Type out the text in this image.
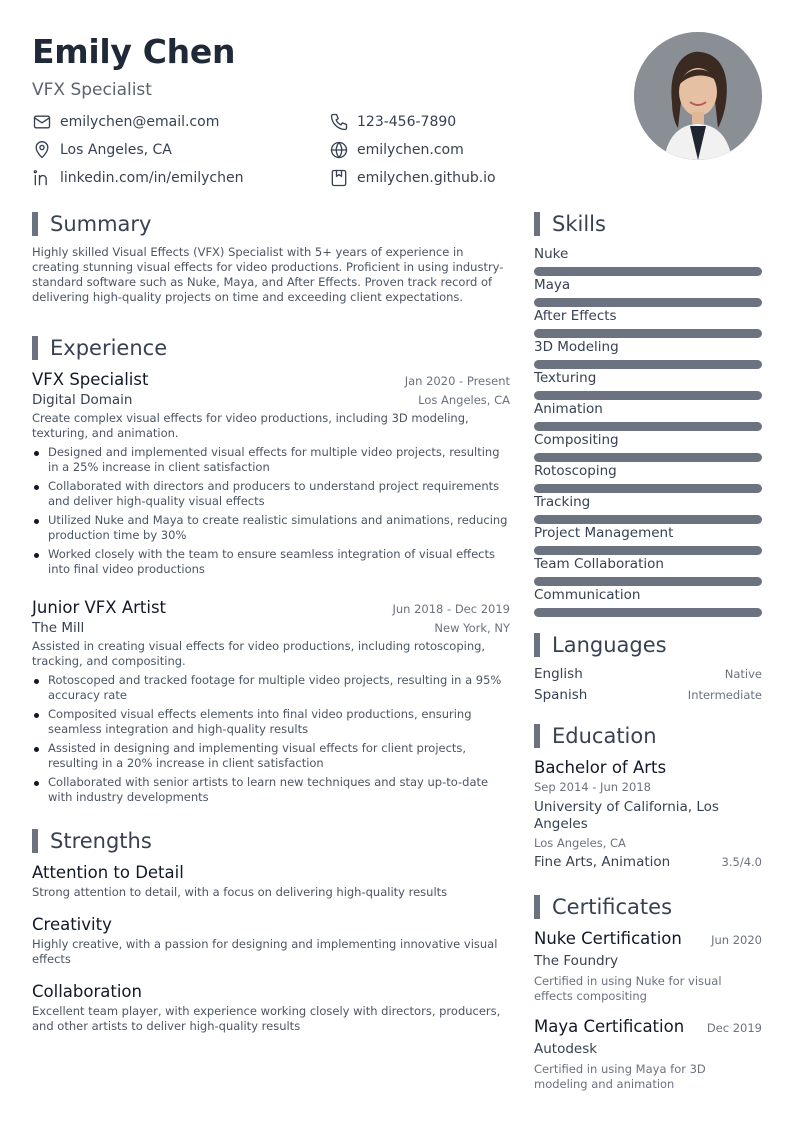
Emily Chen
VFX Specialist
emilychen@email.com	123-456-7890
Los Angeles, CA	emilychen.com
linkedin.com/in/emilychen	emilychen.github.io
Summary
Highly skilled Visual Effects (VFX) Specialist with 5+ years of experience in creating stunning visual effects for video productions. Proficient in using industry-standard software such as Nuke, Maya, and After Effects. Proven track record of delivering high-quality projects on time and exceeding client expectations.
Experience
VFX Specialist	Jan 2020 - Present
Digital Domain	Los Angeles, CA
Create complex visual effects for video productions, including 3D modeling, texturing, and animation.
Designed and implemented visual effects for multiple video projects, resulting in a 25% increase in client satisfaction
Collaborated with directors and producers to understand project requirements and deliver high-quality visual effects
Utilized Nuke and Maya to create realistic simulations and animations, reducing production time by 30%
Worked closely with the team to ensure seamless integration of visual effects into final video productions
Junior VFX Artist	Jun 2018 - Dec 2019
The Mill	New York, NY
Assisted in creating visual effects for video productions, including rotoscoping, tracking, and compositing.
Rotoscoped and tracked footage for multiple video projects, resulting in a 95% accuracy rate
Composited visual effects elements into final video productions, ensuring seamless integration and high-quality results
Assisted in designing and implementing visual effects for client projects, resulting in a 20% increase in client satisfaction
Collaborated with senior artists to learn new techniques and stay up-to-date with industry developments
Strengths
Attention to Detail
Strong attention to detail, with a focus on delivering high-quality results
Creativity
Highly creative, with a passion for designing and implementing innovative visual effects
Collaboration
Excellent team player, with experience working closely with directors, producers, and other artists to deliver high-quality results
Skills
Nuke
Maya
After Effects
3D Modeling
Texturing
Animation
Compositing
Rotoscoping
Tracking
Project Management
Team Collaboration
Communication
Languages
English	Native
Spanish	Intermediate
Education
Bachelor of Arts
Sep 2014 - Jun 2018
University of California, Los Angeles
Los Angeles, CA
Fine Arts, Animation	3.5/4.0
Certificates
Nuke Certification	Jun 2020
The Foundry
Certified in using Nuke for visual effects compositing
Maya Certification Dec 2019
Autodesk
Certified in using Maya for 3D modeling and animation
